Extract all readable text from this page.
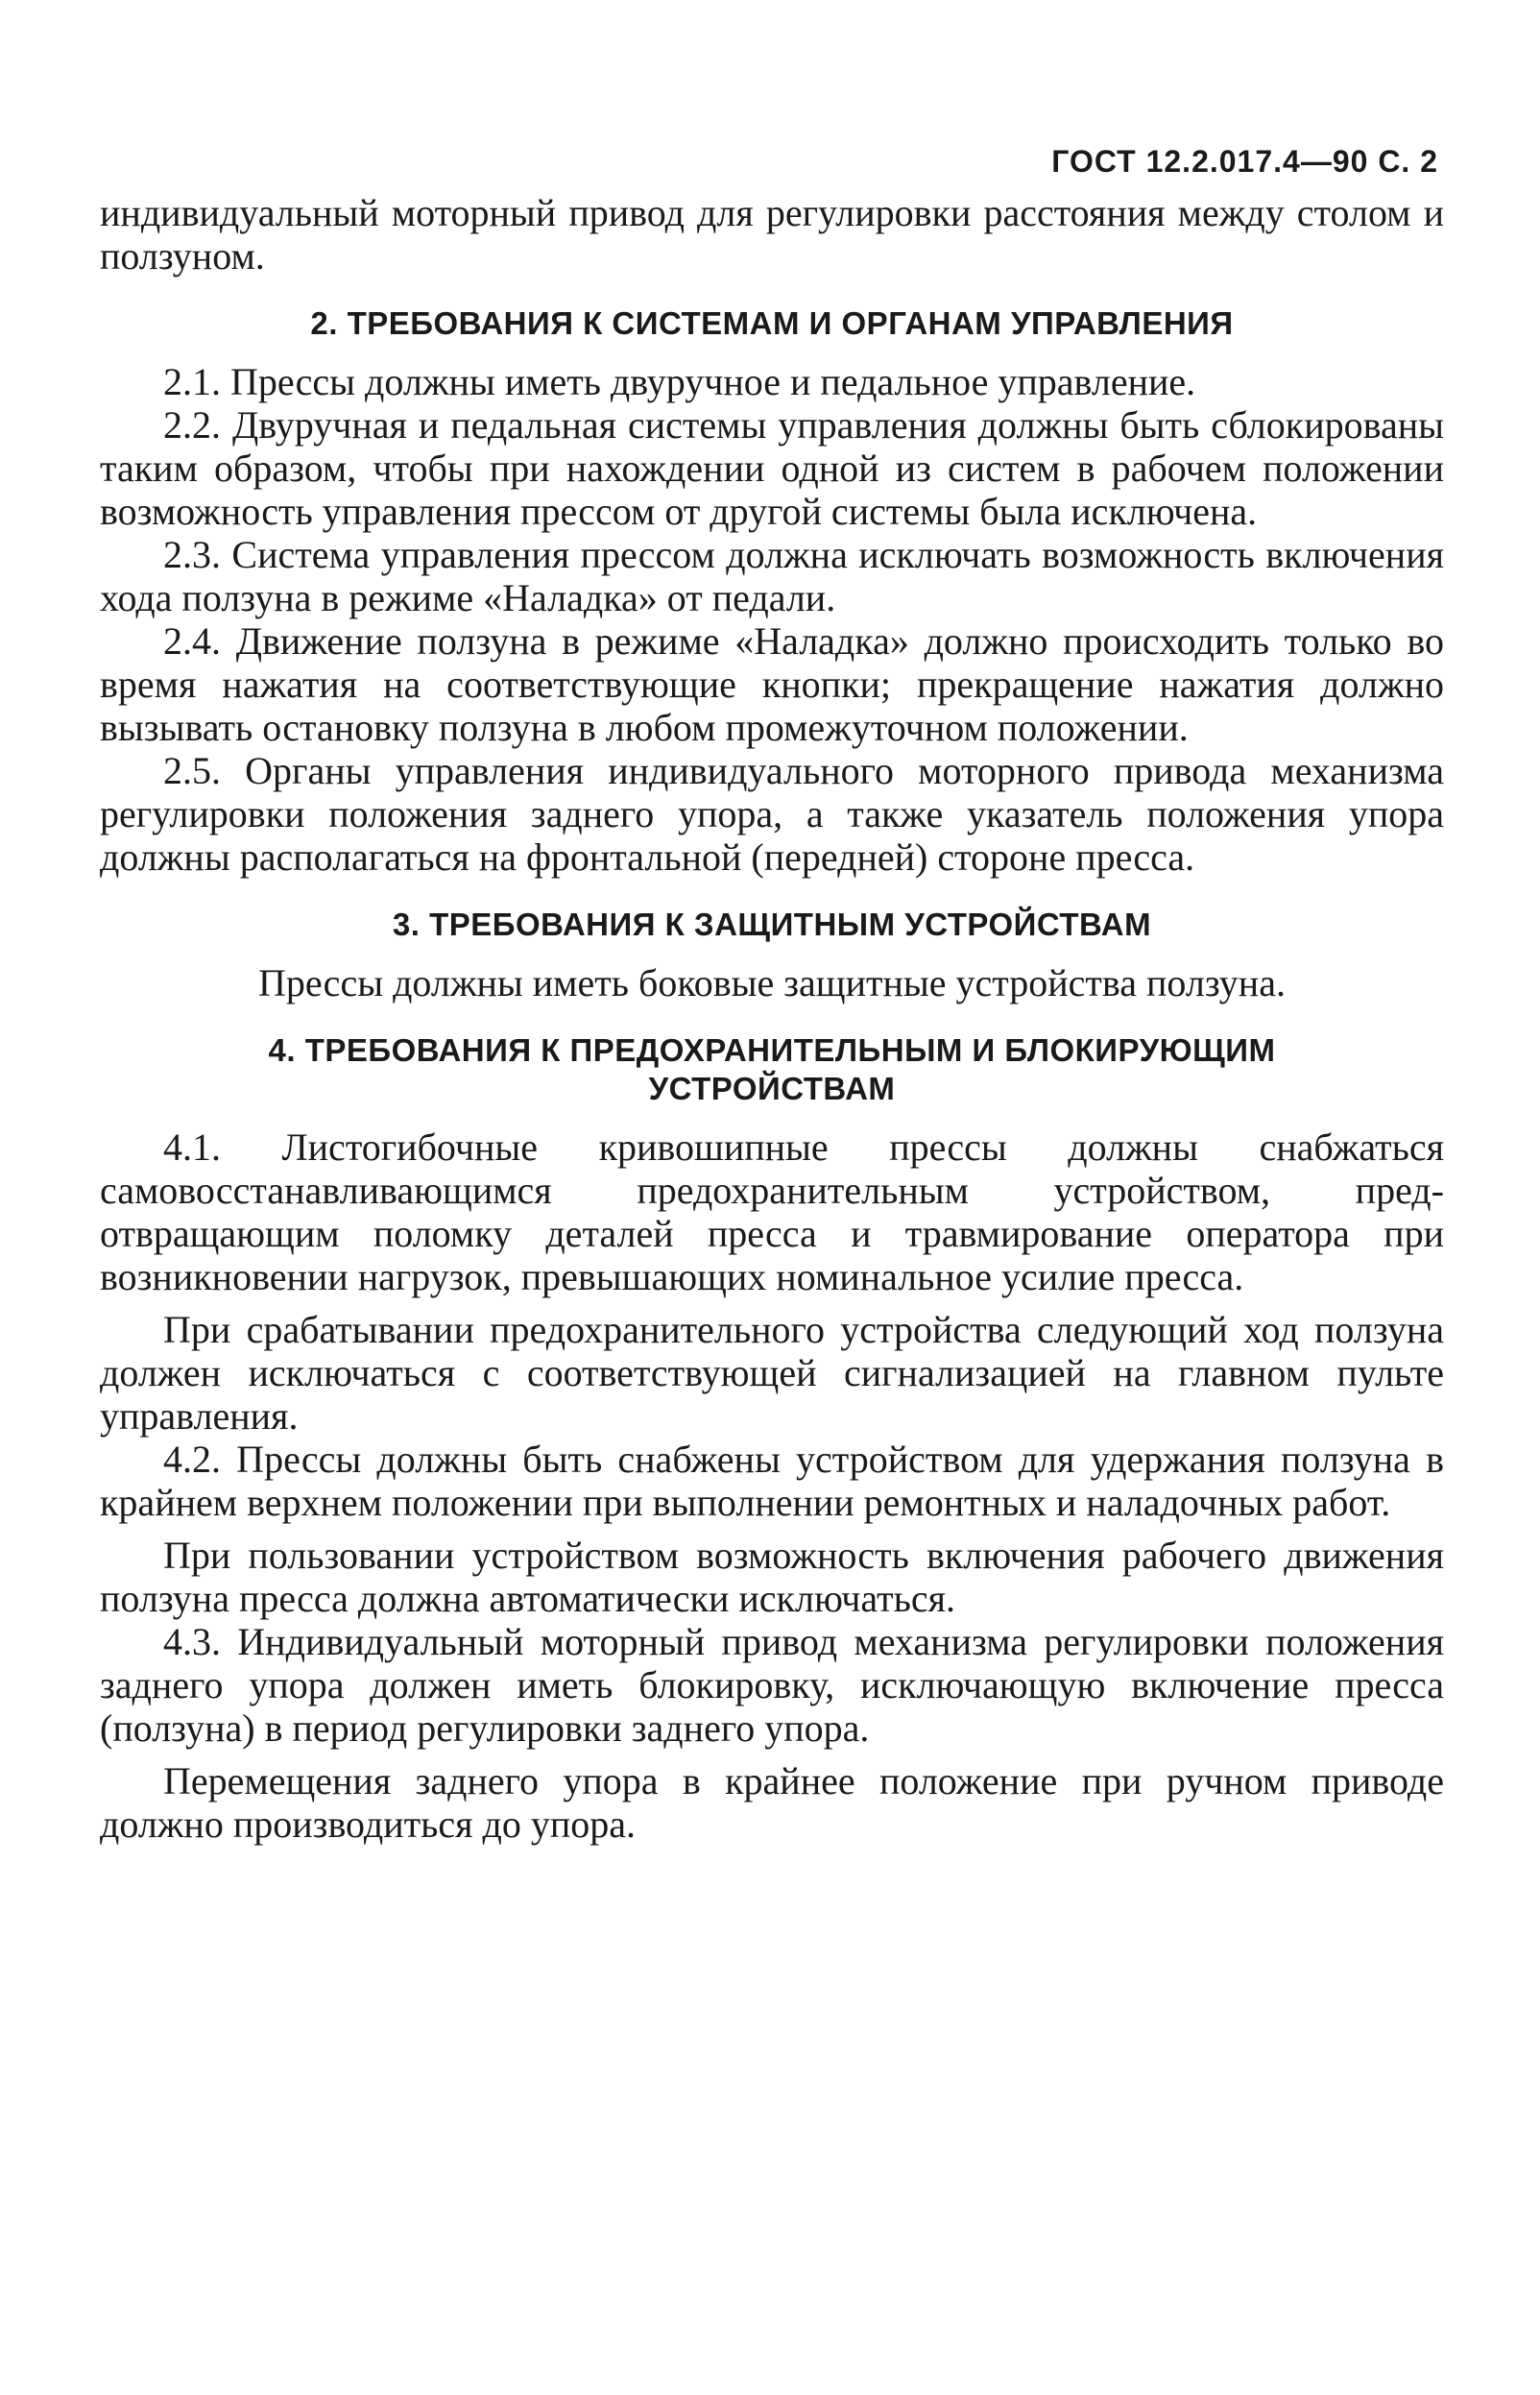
ГОСТ 12.2.017.4—90 С. 2

индивидуальный моторный привод для регулировки расстояния между столом и ползуном.

2. ТРЕБОВАНИЯ К СИСТЕМАМ И ОРГАНАМ УПРАВЛЕНИЯ

2.1. Прессы должны иметь двуручное и педальное управление.

2.2. Двуручная и педальная системы управления должны быть сблокированы таким образом, чтобы при нахождении одной из систем в рабочем положении возможность управления прессом от другой системы была исключена.

2.3. Система управления прессом должна исключать возможность включения хода ползуна в режиме «Наладка» от педали.

2.4. Движение ползуна в режиме «Наладка» должно происходить только во время нажатия на соответствующие кнопки; прекращение нажатия должно вызывать остановку ползуна в любом промежуточном положении.

2.5. Органы управления индивидуального моторного привода механизма регулировки положения заднего упора, а также указатель положения упора должны располагаться на фронтальной (передней) стороне пресса.

3. ТРЕБОВАНИЯ К ЗАЩИТНЫМ УСТРОЙСТВАМ

Прессы должны иметь боковые защитные устройства ползуна.

4. ТРЕБОВАНИЯ К ПРЕДОХРАНИТЕЛЬНЫМ И БЛОКИРУЮЩИМ УСТРОЙСТВАМ

4.1. Листогибочные кривошипные прессы должны снабжаться самовосстанавливающимся предохранительным устройством, предотвращающим поломку деталей пресса и травмирование оператора при возникновении нагрузок, превышающих номинальное усилие пресса.

При срабатывании предохранительного устройства следующий ход ползуна должен исключаться с соответствующей сигнализацией на главном пульте управления.

4.2. Прессы должны быть снабжены устройством для удержания ползуна в крайнем верхнем положении при выполнении ремонтных и наладочных работ.

При пользовании устройством возможность включения рабочего движения ползуна пресса должна автоматически исключаться.

4.3. Индивидуальный моторный привод механизма регулировки положения заднего упора должен иметь блокировку, исключающую включение пресса (ползуна) в период регулировки заднего упора.

Перемещения заднего упора в крайнее положение при ручном приводе должно производиться до упора.
